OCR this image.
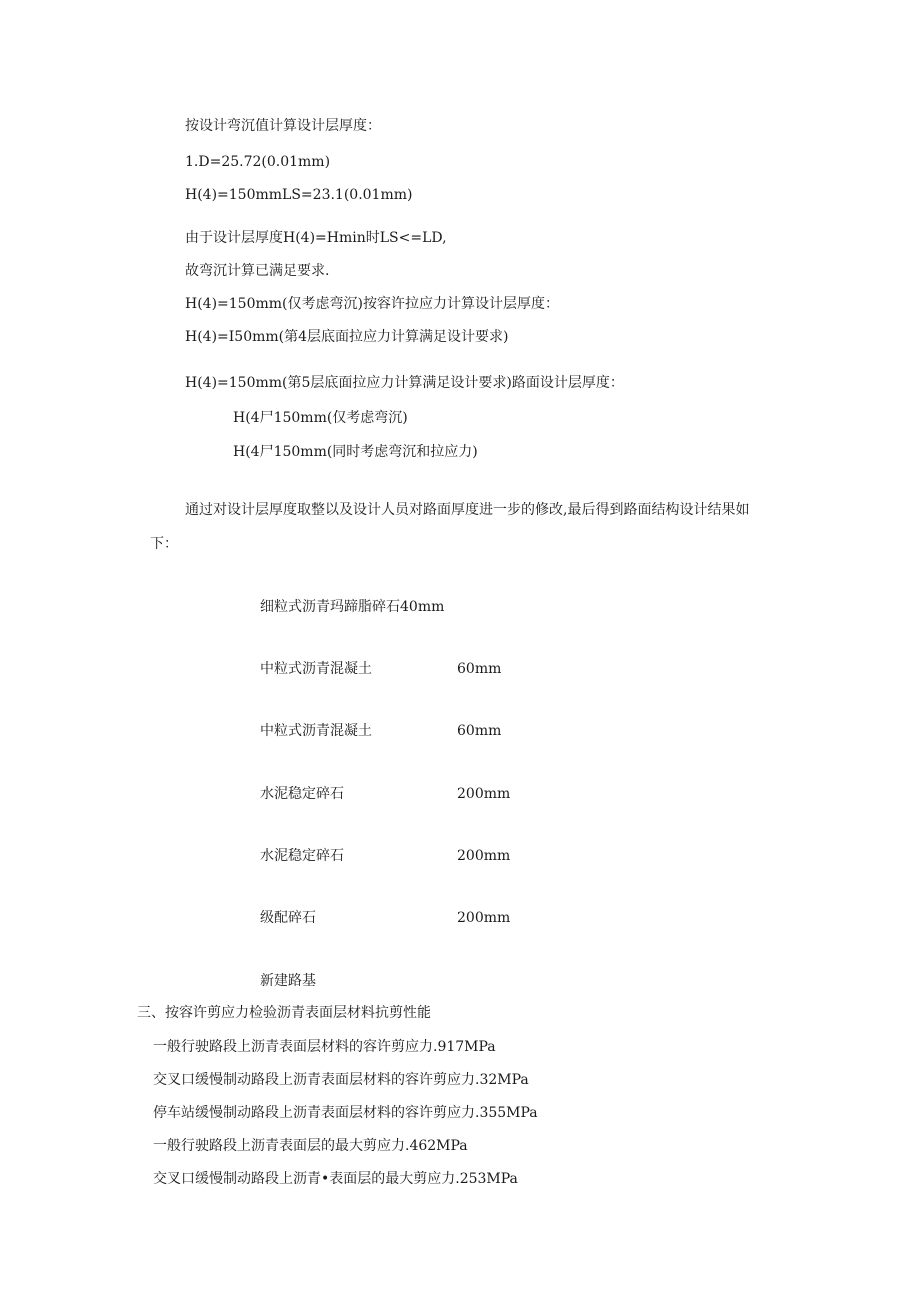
按设计弯沉值计算设计层厚度：
1.D=25.72(0.01mm)
H(4)=150mmLS=23.1(0.01mm)
由于设计层厚度H(4)=Hmin时LS<=LD,
故弯沉计算已满足要求.
H(4)=150mm(仅考虑弯沉)按容许拉应力计算设计层厚度：
H(4)=I50mm(第4层底面拉应力计算满足设计要求)
H(4)=150mm(第5层底面拉应力计算满足设计要求)路面设计层厚度：
H(4尸150mm(仅考虑弯沉)
H(4尸150mm(同时考虑弯沉和拉应力)
通过对设计层厚度取整以及设计人员对路面厚度进一步的修改,最后得到路面结构设计结果如
下：
细粒式沥青玛蹄脂碎石40mm
中粒式沥青混凝土	60mm
中粒式沥青混凝土	60mm
水泥稳定碎石	200mm
水泥稳定碎石	200mm
级配碎石	200mm
新建路基
三、按容许剪应力检验沥青表面层材料抗剪性能
一般行驶路段上沥青表面层材料的容许剪应力.917MPa
交叉口缓慢制动路段上沥青表面层材料的容许剪应力.32MPa
停车站缓慢制动路段上沥青表面层材料的容许剪应力.355MPa
一般行驶路段上沥青表面层的最大剪应力.462MPa
交叉口缓慢制动路段上沥青•表面层的最大剪应力.253MPa
